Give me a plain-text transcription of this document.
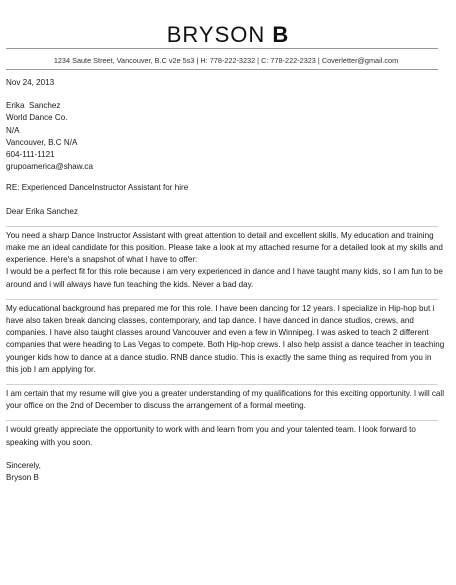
BRYSON B
1234 Saute Street, Vancouver, B.C v2e 5s3 | H: 778-222-3232 | C: 778-222-2323 | Coverletter@gmail.com

Nov 24, 2013

Erika  Sanchez

World Dance Co.

N/A

Vancouver, B.C N/A

604-111-1121

grupoamerica@shaw.ca

RE: Experienced DanceInstructor Assistant for hire

Dear Erika Sanchez

You need a sharp Dance Instructor Assistant with great attention to detail and excellent skills. My education and training make me an ideal candidate for this position. Please take a look at my attached resume for a detailed look at my skills and experience. Here's a snapshot of what I have to offer:

I would be a perfect fit for this role because i am very experienced in dance and I have taught many kids, so I am fun to be around and i will always have fun teaching the kids. Never a bad day.

My educational background has prepared me for this role. I have been dancing for 12 years. I specialize in Hip-hop but i have also taken break dancing classes, contemporary, and tap dance. I have danced in dance studios, crews, and companies. I have also taught classes around Vancouver and even a few in Winnipeg. I was asked to teach 2 different companies that were heading to Las Vegas to compete. Both Hip-hop crews. I also help assist a dance teacher in teaching younger kids how to dance at a dance studio. RNB dance studio. This is exactly the same thing as required from you in this job I am applying for.

I am certain that my resume will give you a greater understanding of my qualifications for this exciting opportunity. I will call your office on the 2nd of December to discuss the arrangement of a formal meeting.

I would greatly appreciate the opportunity to work with and learn from you and your talented team. I look forward to speaking with you soon.

Sincerely,

Bryson B
